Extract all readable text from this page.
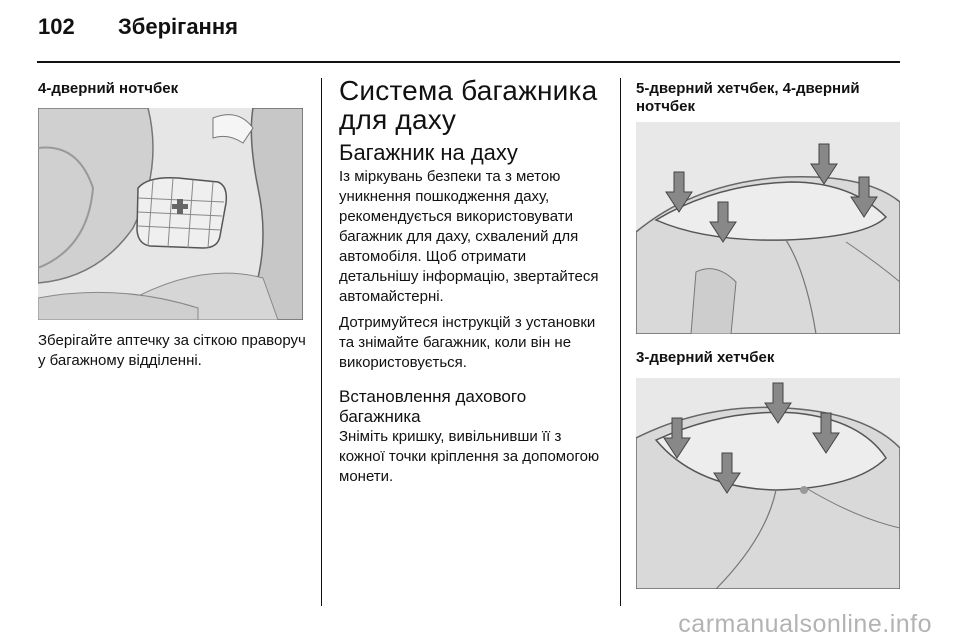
102 Зберігання

4-дверний нотчбек

Зберігайте аптечку за сіткою праворуч у багажному відділенні.

Система багажника для даху
Багажник на даху

Із міркувань безпеки та з метою уникнення пошкодження даху, рекомендується використовувати багажник для даху, схвалений для автомобіля. Щоб отримати детальнішу інформацію, звертайтеся автомайстерні.

Дотримуйтеся інструкцій з установки та знімайте багажник, коли він не використовується.

Встановлення дахового багажника

Зніміть кришку, вивільнивши її з кожної точки кріплення за допомогою монети.

5-дверний хетчбек, 4-дверний нотчбек

3-дверний хетчбек

carmanualsonline.info
